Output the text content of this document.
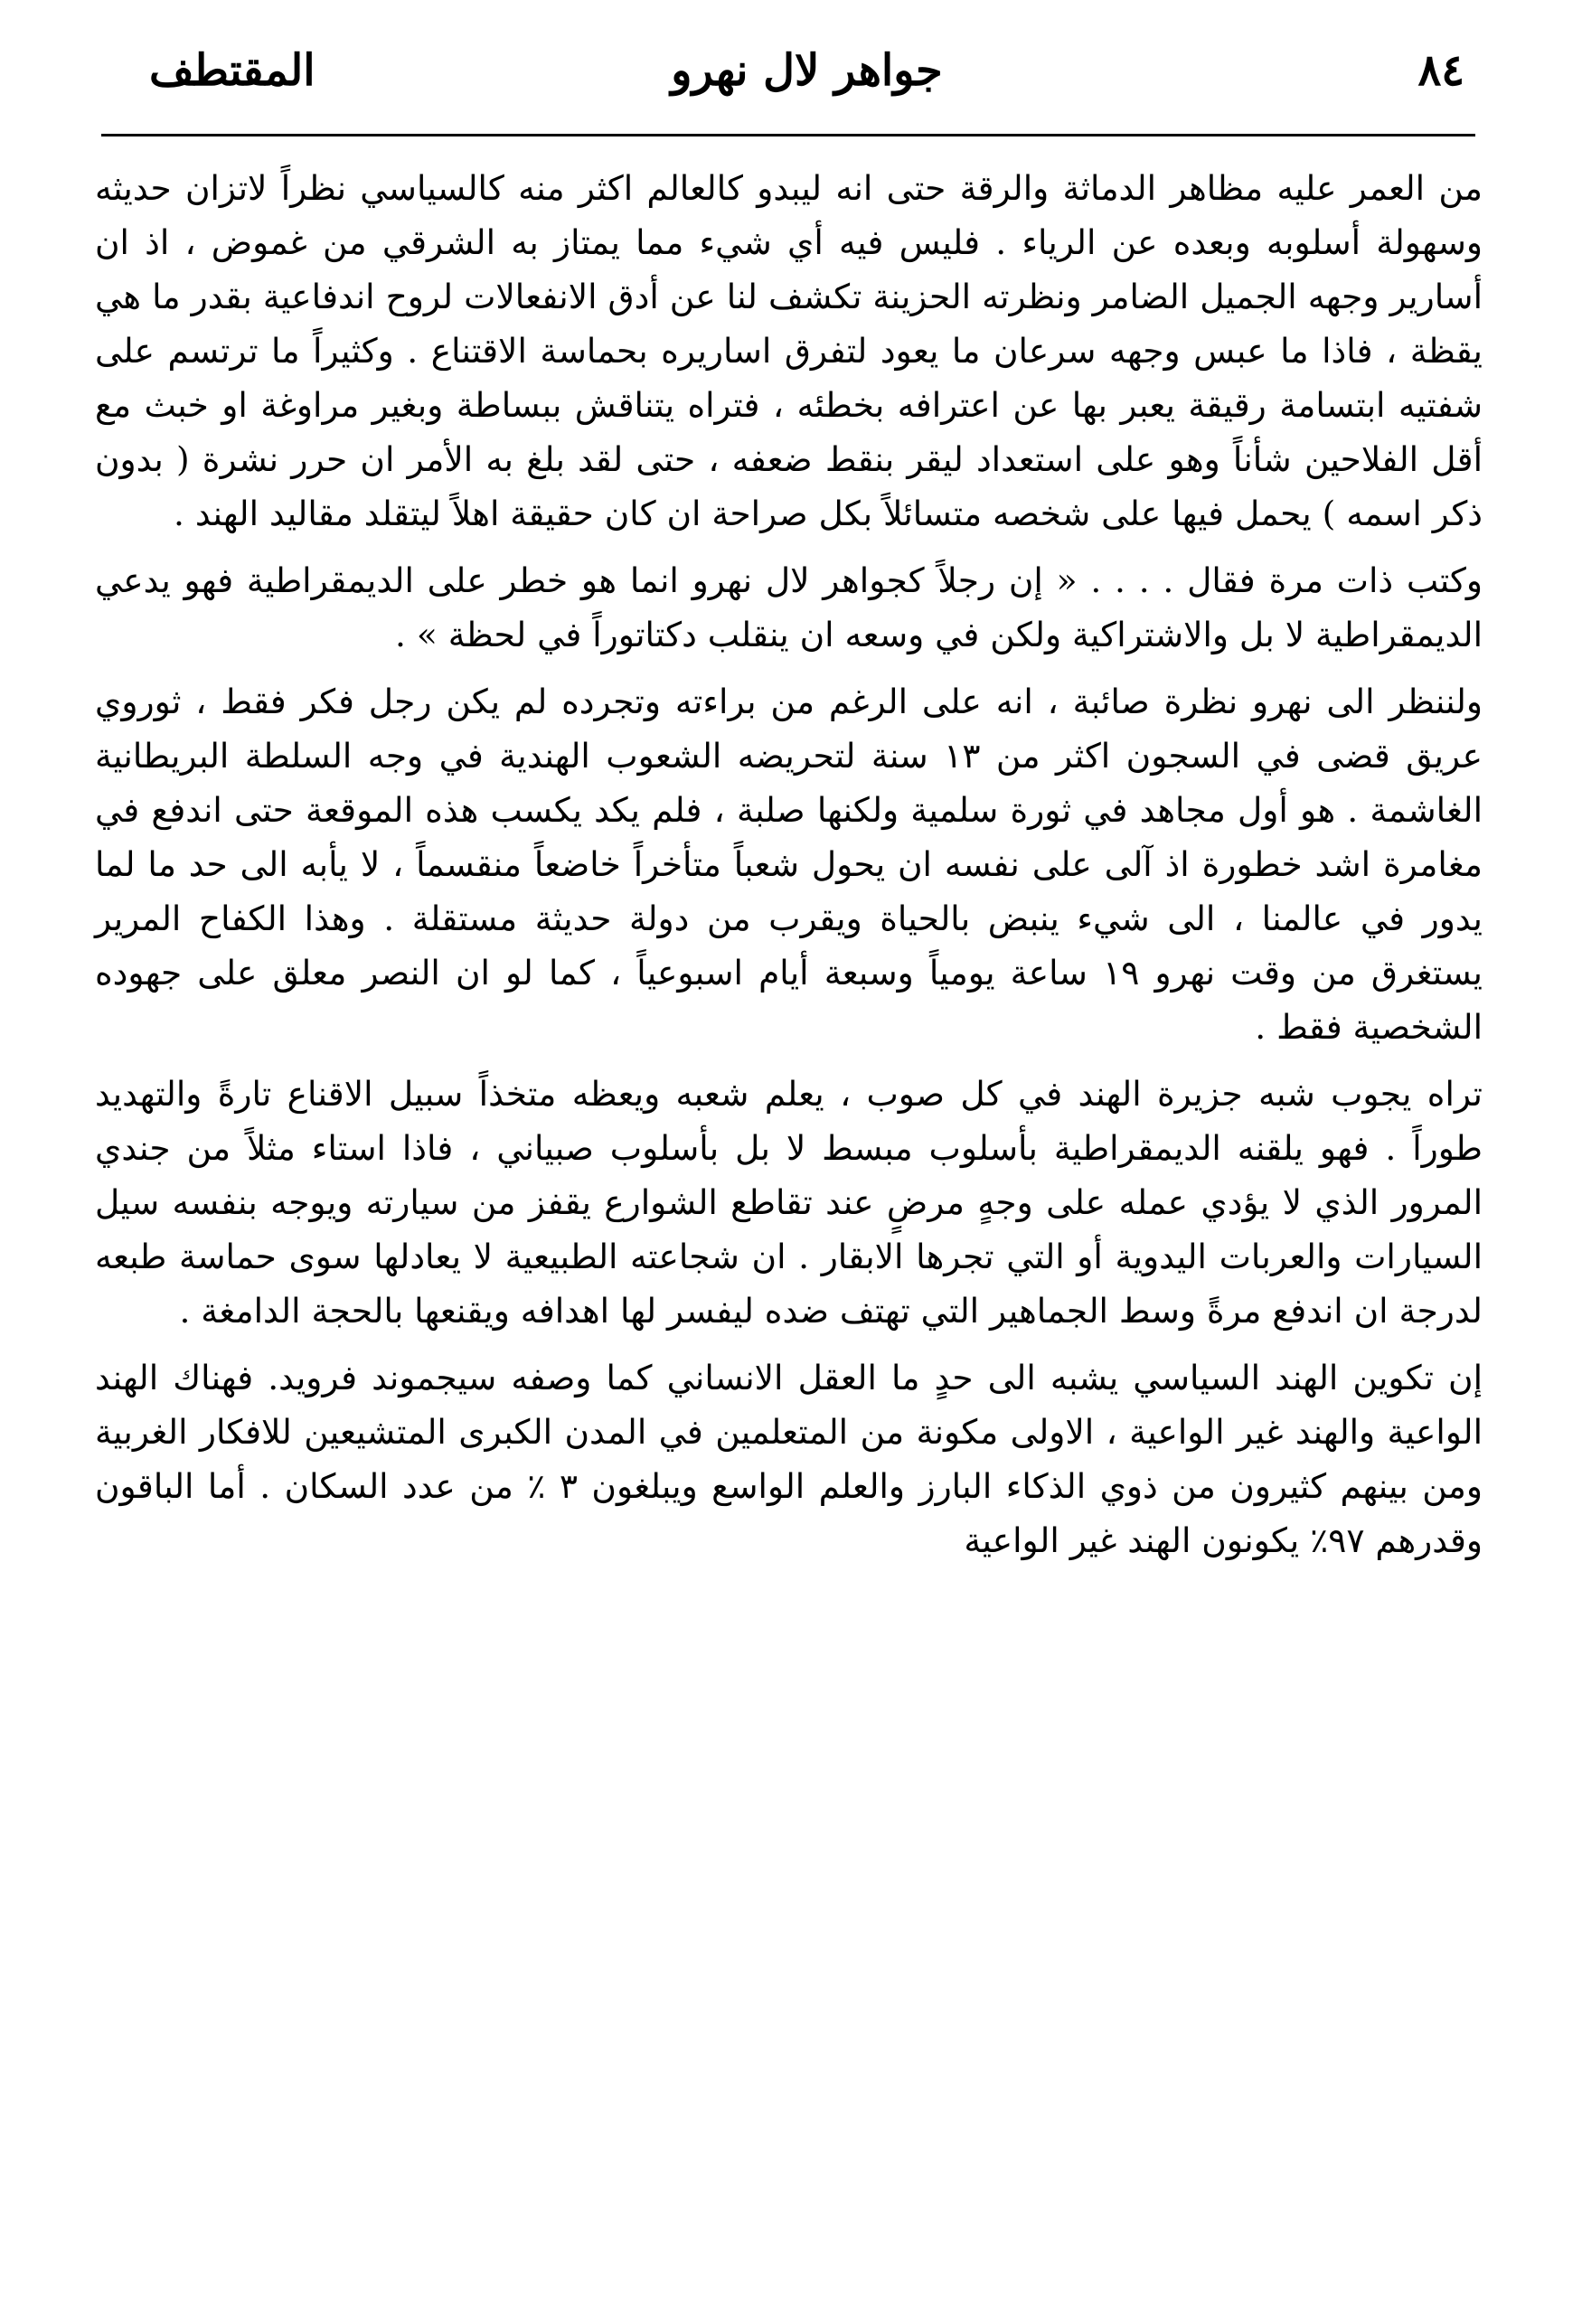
٨٤
جواهر لال نهرو
المقتطف

من العمر عليه مظاهر الدماثة والرقة حتى انه ليبدو كالعالم اكثر منه كالسياسي نظراً لاتزان حديثه وسهولة أسلوبه وبعده عن الرياء . فليس فيه أي شيء مما يمتاز به الشرقي من غموض ، اذ ان أسارير وجهه الجميل الضامر ونظرته الحزينة تكشف لنا عن أدق الانفعالات لروح اندفاعية بقدر ما هي يقظة ، فاذا ما عبس وجهه سرعان ما يعود لتفرق اساريره بحماسة الاقتناع . وكثيراً ما ترتسم على شفتيه ابتسامة رقيقة يعبر بها عن اعترافه بخطئه ، فتراه يتناقش ببساطة وبغير مراوغة او خبث مع أقل الفلاحين شأناً وهو على استعداد ليقر بنقط ضعفه ، حتى لقد بلغ به الأمر ان حرر نشرة ( بدون ذكر اسمه ) يحمل فيها على شخصه متسائلاً بكل صراحة ان كان حقيقة اهلاً ليتقلد مقاليد الهند .

وكتب ذات مرة فقال . . . . « إن رجلاً كجواهر لال نهرو انما هو خطر على الديمقراطية فهو يدعي الديمقراطية لا بل والاشتراكية ولكن في وسعه ان ينقلب دكتاتوراً في لحظة » .

ولننظر الى نهرو نظرة صائبة ، انه على الرغم من براءته وتجرده لم يكن رجل فكر فقط ، ثوروي عريق قضى في السجون اكثر من ١٣ سنة لتحريضه الشعوب الهندية في وجه السلطة البريطانية الغاشمة . هو أول مجاهد في ثورة سلمية ولكنها صلبة ، فلم يكد يكسب هذه الموقعة حتى اندفع في مغامرة اشد خطورة اذ آلى على نفسه ان يحول شعباً متأخراً خاضعاً منقسماً ، لا يأبه الى حد ما لما يدور في عالمنا ، الى شيء ينبض بالحياة ويقرب من دولة حديثة مستقلة . وهذا الكفاح المرير يستغرق من وقت نهرو ١٩ ساعة يومياً وسبعة أيام اسبوعياً ، كما لو ان النصر معلق على جهوده الشخصية فقط .

تراه يجوب شبه جزيرة الهند في كل صوب ، يعلم شعبه ويعظه متخذاً سبيل الاقناع تارةً والتهديد طوراً . فهو يلقنه الديمقراطية بأسلوب مبسط لا بل بأسلوب صبياني ، فاذا استاء مثلاً من جندي المرور الذي لا يؤدي عمله على وجهٍ مرضٍ عند تقاطع الشوارع يقفز من سيارته ويوجه بنفسه سيل السيارات والعربات اليدوية أو التي تجرها الابقار . ان شجاعته الطبيعية لا يعادلها سوى حماسة طبعه لدرجة ان اندفع مرةً وسط الجماهير التي تهتف ضده ليفسر لها اهدافه ويقنعها بالحجة الدامغة .

إن تكوين الهند السياسي يشبه الى حدٍ ما العقل الانساني كما وصفه سيجموند فرويد. فهناك الهند الواعية والهند غير الواعية ، الاولى مكونة من المتعلمين في المدن الكبرى المتشيعين للافكار الغربية ومن بينهم كثيرون من ذوي الذكاء البارز والعلم الواسع ويبلغون ٣ ٪ من عدد السكان . أما الباقون وقدرهم ٩٧٪ يكونون الهند غير الواعية
